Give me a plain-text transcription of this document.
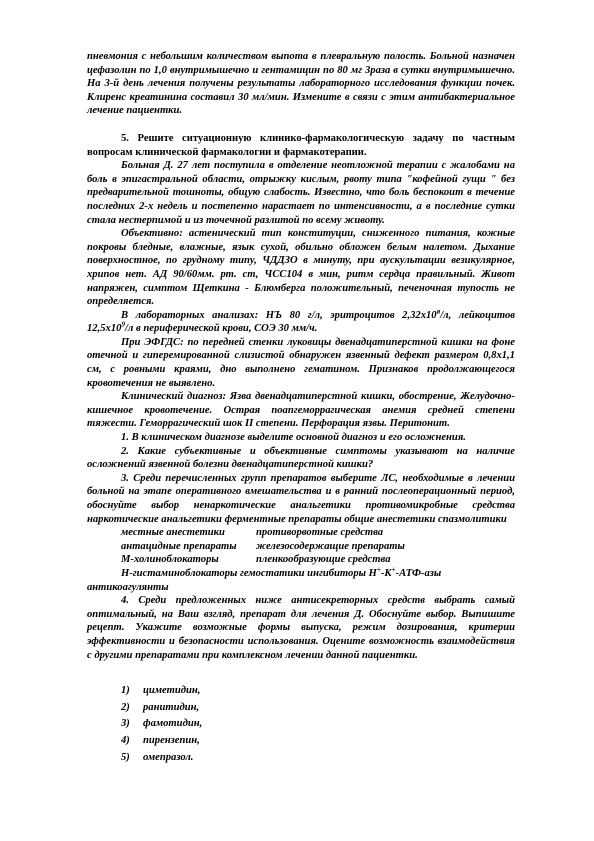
пневмония с небольшим количеством выпота в плевральную полость. Больной назначен цефазолин по 1,0 внутримышечно и гентамицин по 80 мг 3раза в сутки внутримышечно. На 3-й день лечения получены результаты лабораторного исследования функции почек. Клиренс креатинина составил 30 мл/мин. Измените в связи с этим антибактериальное лечение пациентки.

5. Решите ситуационную клинико-фармакологическую задачу по частным вопросам клинической фармакологии и фармакотерапии.

Больная Д. 27 лет поступила в отделение неотложной терапии с жалобами на боль в эпигастральной области, отрыжку кислым, рвоту типа "кофейной гущи " без предварительной тошноты, общую слабость. Известно, что боль беспокоит в течение последних 2-х недель и постепенно нарастает по интенсивности, а в последние сутки стала нестерпимой и из точечной разлитой по всему животу.

Объективно: астенический тип конституции, сниженного питания, кожные покровы бледные, влажные, язык сухой, обильно обложен белым налетом. Дыхание поверхностное, по грудному типу, ЧДДЗО в минуту, при аускультации везикулярное, хрипов нет. АД 90/60мм. рт. ст, ЧСС104 в мин, ритм сердца правильный. Живот напряжен, симптом Щеткина - Блюмберга положительный, печеночная тупость не определяется.

В лабораторных анализах: НЪ 80 г/л, эритроцитов $2,32х10^я/л$, лейкоцитов $12,5х10^9/л$ в периферической крови, СОЭ 30 мм/ч.

При ЭФГДС: по передней стенки луковицы двенадцатиперстной кишки на фоне отечной и гиперемированной слизистой обнаружен язвенный дефект размером 0,8х1,1 см, с ровными краями, дно выполнено гематином. Признаков продолжающегося кровотечения не выявлено.

Клинический диагноз: Язва двенадцатиперстной кишки, обострение, Желудочно-кишечное кровотечение. Острая поапгеморрагическая анемия средней степени тяжести. Геморрагический шок II степени. Перфорация язвы. Перитонит.

1. В клиническом диагнозе выделите основной диагноз и его осложнения.

2. Какие субъективные и объективные симптомы указывают на наличие осложнений язвенной болезни двенадцатиперстной кишки?

3. Среди перечисленных групп препаратов выберите ЛС, необходимые в лечении больной на этапе оперативного вмешательства и в ранний послеоперационный период, обоснуйте выбор ненаркотические анальгетики противомикробные средства наркотические анальгетики ферментные препараты общие анестетики спазмолитики

местные анестетики	противорвотные средства
антацидные препараты	железосодержащие препараты
М-холиноблокаторы	пленкообразующие средства

Н-гистаминоблокаторы гемостатики ингибиторы Н+-К+-АТФ-азы

антикоагулянты

4. Среди предложенных ниже антисекреторных средств выбрать самый оптимальный, на Ваш взгляд, препарат для лечения Д. Обоснуйте выбор. Выпишите рецепт. Укажите возможные формы выпуска, режим дозирования, критерии эффективности и безопасности использования. Оцените возможность взаимодействия с другими препаратами при комплексном лечении данной пациентки.

1)	циметидин,
2)	ранитидин,
3)	фамотидин,
4)	пирензепин,
5)	омепразол.
